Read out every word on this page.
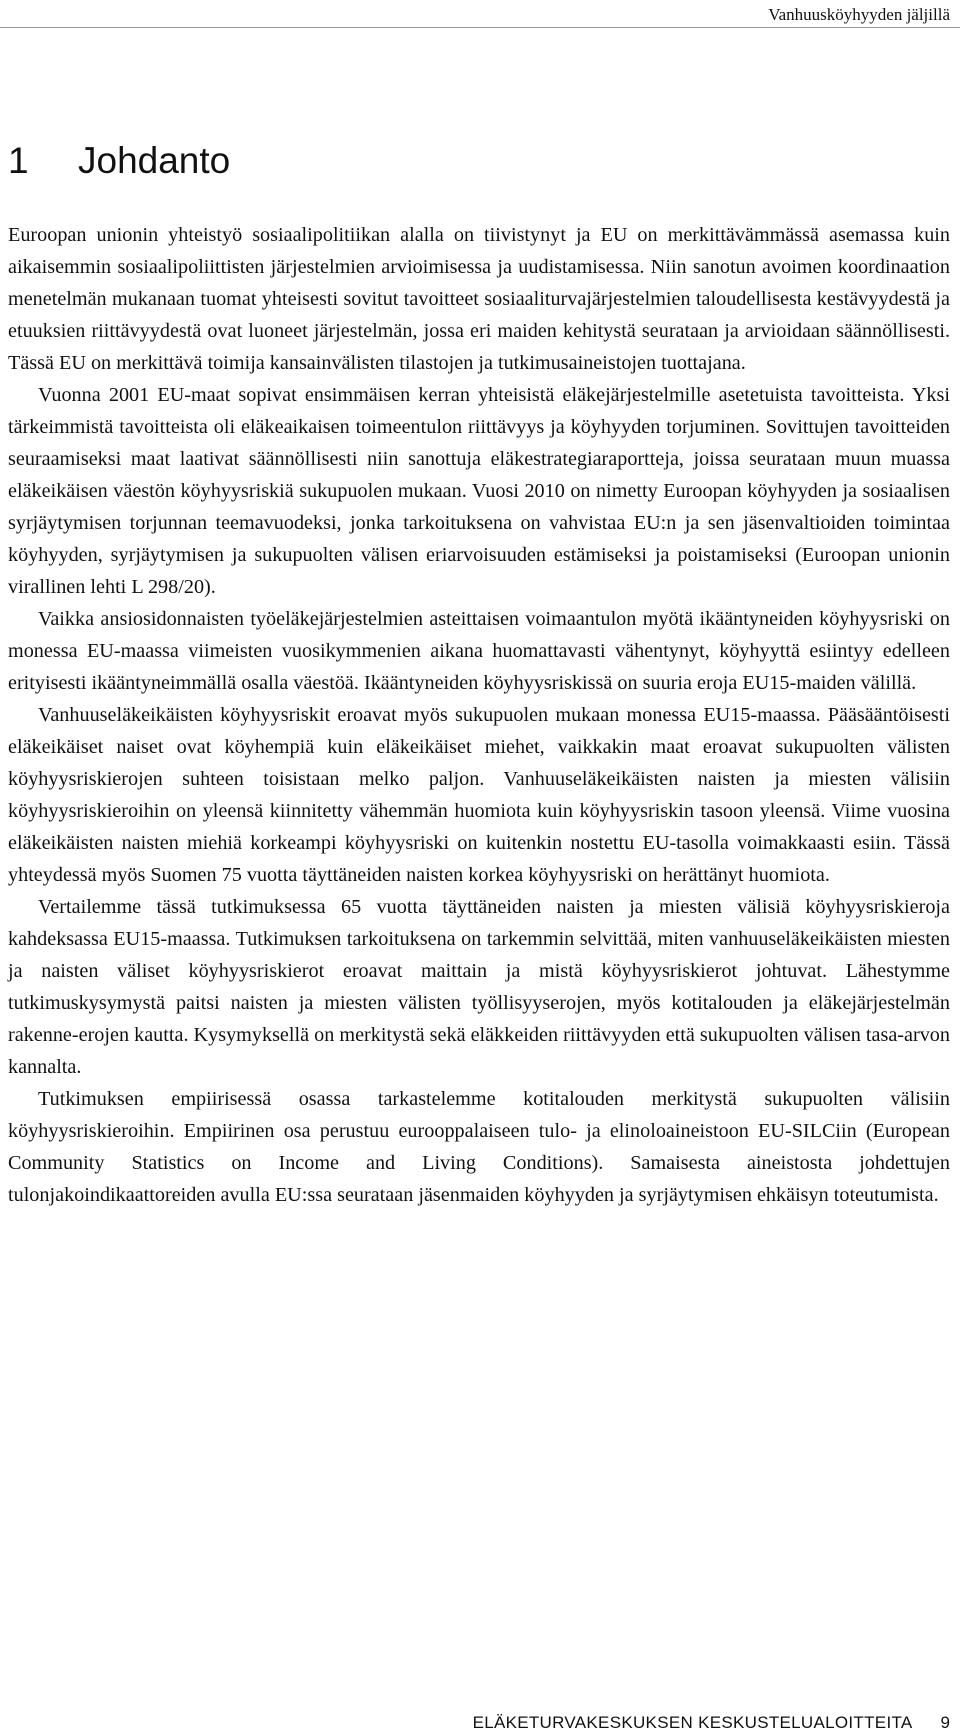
Vanhuusköyhyyden jäljillä
1 Johdanto

Euroopan unionin yhteistyö sosiaalipolitiikan alalla on tiivistynyt ja EU on merkittävämmässä asemassa kuin aikaisemmin sosiaalipoliittisten järjestelmien arvioimisessa ja uudistamisessa. Niin sanotun avoimen koordinaation menetelmän mukanaan tuomat yhteisesti sovitut tavoitteet sosiaaliturvajärjestelmien taloudellisesta kestävyydestä ja etuuksien riittävyydestä ovat luoneet järjestelmän, jossa eri maiden kehitystä seurataan ja arvioidaan säännöllisesti. Tässä EU on merkittävä toimija kansainvälisten tilastojen ja tutkimusaineistojen tuottajana.

Vuonna 2001 EU-maat sopivat ensimmäisen kerran yhteisistä eläkejärjestelmille asetetuista tavoitteista. Yksi tärkeimmistä tavoitteista oli eläkeaikaisen toimeentulon riittävyys ja köyhyyden torjuminen. Sovittujen tavoitteiden seuraamiseksi maat laativat säännöllisesti niin sanottuja eläkestrategiaraportteja, joissa seurataan muun muassa eläkeikäisen väestön köyhyysriskiä sukupuolen mukaan. Vuosi 2010 on nimetty Euroopan köyhyyden ja sosiaalisen syrjäytymisen torjunnan teemavuodeksi, jonka tarkoituksena on vahvistaa EU:n ja sen jäsenvaltioiden toimintaa köyhyyden, syrjäytymisen ja sukupuolten välisen eriarvoisuuden estämiseksi ja poistamiseksi (Euroopan unionin virallinen lehti L 298/20).

Vaikka ansiosidonnaisten työeläkejärjestelmien asteittaisen voimaantulon myötä ikääntyneiden köyhyysriski on monessa EU-maassa viimeisten vuosikymmenien aikana huomattavasti vähentynyt, köyhyyttä esiintyy edelleen erityisesti ikääntyneimmällä osalla väestöä. Ikääntyneiden köyhyysriskissä on suuria eroja EU15-maiden välillä.

Vanhuuseläkeikäisten köyhyysriskit eroavat myös sukupuolen mukaan monessa EU15-maassa. Pääsääntöisesti eläkeikäiset naiset ovat köyhempiä kuin eläkeikäiset miehet, vaikkakin maat eroavat sukupuolten välisten köyhyysriskierojen suhteen toisistaan melko paljon. Vanhuuseläkeikäisten naisten ja miesten välisiin köyhyysriskieroihin on yleensä kiinnitetty vähemmän huomiota kuin köyhyysriskin tasoon yleensä. Viime vuosina eläkeikäisten naisten miehiä korkeampi köyhyysriski on kuitenkin nostettu EU-tasolla voimakkaasti esiin. Tässä yhteydessä myös Suomen 75 vuotta täyttäneiden naisten korkea köyhyysriski on herättänyt huomiota.

Vertailemme tässä tutkimuksessa 65 vuotta täyttäneiden naisten ja miesten välisiä köyhyysriskieroja kahdeksassa EU15-maassa. Tutkimuksen tarkoituksena on tarkemmin selvittää, miten vanhuuseläkeikäisten miesten ja naisten väliset köyhyysriskierot eroavat maittain ja mistä köyhyysriskierot johtuvat. Lähestymme tutkimuskysymystä paitsi naisten ja miesten välisten työllisyyserojen, myös kotitalouden ja eläkejärjestelmän rakenne-erojen kautta. Kysymyksellä on merkitystä sekä eläkkeiden riittävyyden että sukupuolten välisen tasa-arvon kannalta.

Tutkimuksen empiirisessä osassa tarkastelemme kotitalouden merkitystä sukupuolten välisiin köyhyysriskieroihin. Empiirinen osa perustuu eurooppalaiseen tulo- ja elinoloaineistoon EU-SILCiin (European Community Statistics on Income and Living Conditions). Samaisesta aineistosta johdettujen tulonjakoindikaattoreiden avulla EU:ssa seurataan jäsenmaiden köyhyyden ja syrjäytymisen ehkäisyn toteutumista.

ELÄKETURVAKESKUKSEN KESKUSTELUALOITTEITA 9
